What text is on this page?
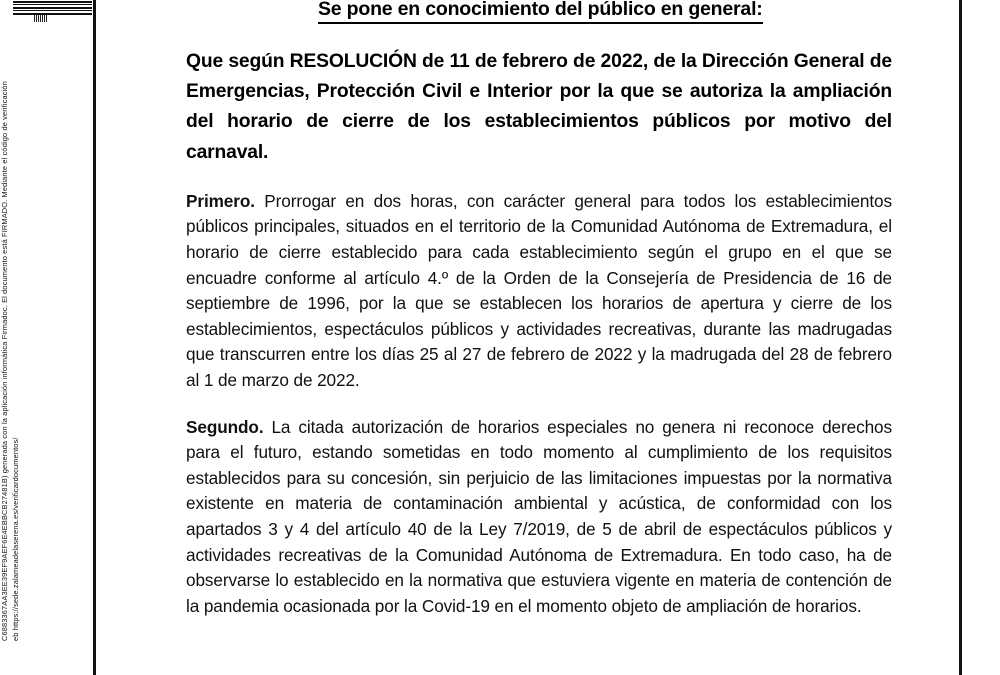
C6883367AA3EE39EF9AEF6E4EBBCB27481B) generada con la aplicación informática Firmadoc. El documento está FIRMADO. Mediante el código de verificación eb https://sede.zalameadelaserena.es/verificardocumentos/
Se pone en conocimiento del público en general:

Que según RESOLUCIÓN de 11 de febrero de 2022, de la Dirección General de Emergencias, Protección Civil e Interior por la que se autoriza la ampliación del horario de cierre de los establecimientos públicos por motivo del carnaval.

Primero. Prorrogar en dos horas, con carácter general para todos los establecimientos públicos principales, situados en el territorio de la Comunidad Autónoma de Extremadura, el horario de cierre establecido para cada establecimiento según el grupo en el que se encuadre conforme al artículo 4.º de la Orden de la Consejería de Presidencia de 16 de septiembre de 1996, por la que se establecen los horarios de apertura y cierre de los establecimientos, espectáculos públicos y actividades recreativas, durante las madrugadas que transcurren entre los días 25 al 27 de febrero de 2022 y la madrugada del 28 de febrero al 1 de marzo de 2022.

Segundo. La citada autorización de horarios especiales no genera ni reconoce derechos para el futuro, estando sometidas en todo momento al cumplimiento de los requisitos establecidos para su concesión, sin perjuicio de las limitaciones impuestas por la normativa existente en materia de contaminación ambiental y acústica, de conformidad con los apartados 3 y 4 del artículo 40 de la Ley 7/2019, de 5 de abril de espectáculos públicos y actividades recreativas de la Comunidad Autónoma de Extremadura. En todo caso, ha de observarse lo establecido en la normativa que estuviera vigente en materia de contención de la pandemia ocasionada por la Covid-19 en el momento objeto de ampliación de horarios.
